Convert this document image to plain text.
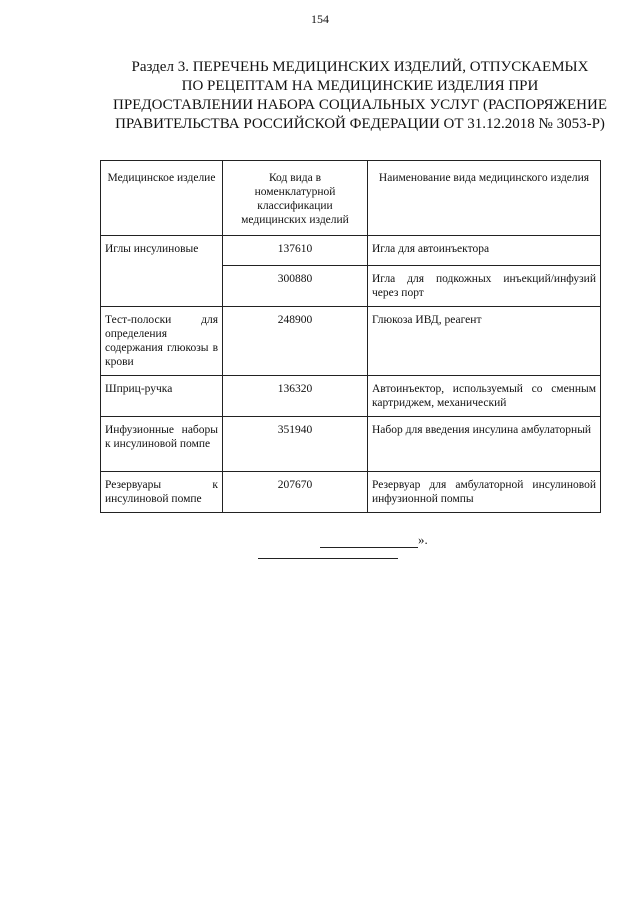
154
Раздел 3. ПЕРЕЧЕНЬ МЕДИЦИНСКИХ ИЗДЕЛИЙ, ОТПУСКАЕМЫХ
ПО РЕЦЕПТАМ НА МЕДИЦИНСКИЕ ИЗДЕЛИЯ ПРИ
ПРЕДОСТАВЛЕНИИ НАБОРА СОЦИАЛЬНЫХ УСЛУГ (РАСПОРЯЖЕНИЕ
ПРАВИТЕЛЬСТВА РОССИЙСКОЙ ФЕДЕРАЦИИ ОТ 31.12.2018 № 3053-Р)
Медицинское изделие	Код вида в номенклатурной классификации медицинских изделий	Наименование вида медицинского изделия
Иглы инсулиновые	137610	Игла для автоинъектора
	300880	Игла для подкожных инъекций/инфузий через порт
Тест-полоски для определения содержания глюкозы в крови	248900	Глюкоза ИВД, реагент
Шприц-ручка	136320	Автоинъектор, используемый со сменным картриджем, механический
Инфузионные наборы к инсулиновой помпе	351940	Набор для введения инсулина амбулаторный
Резервуары к инсулиновой помпе	207670	Резервуар для амбулаторной инсулиновой инфузионной помпы
».
